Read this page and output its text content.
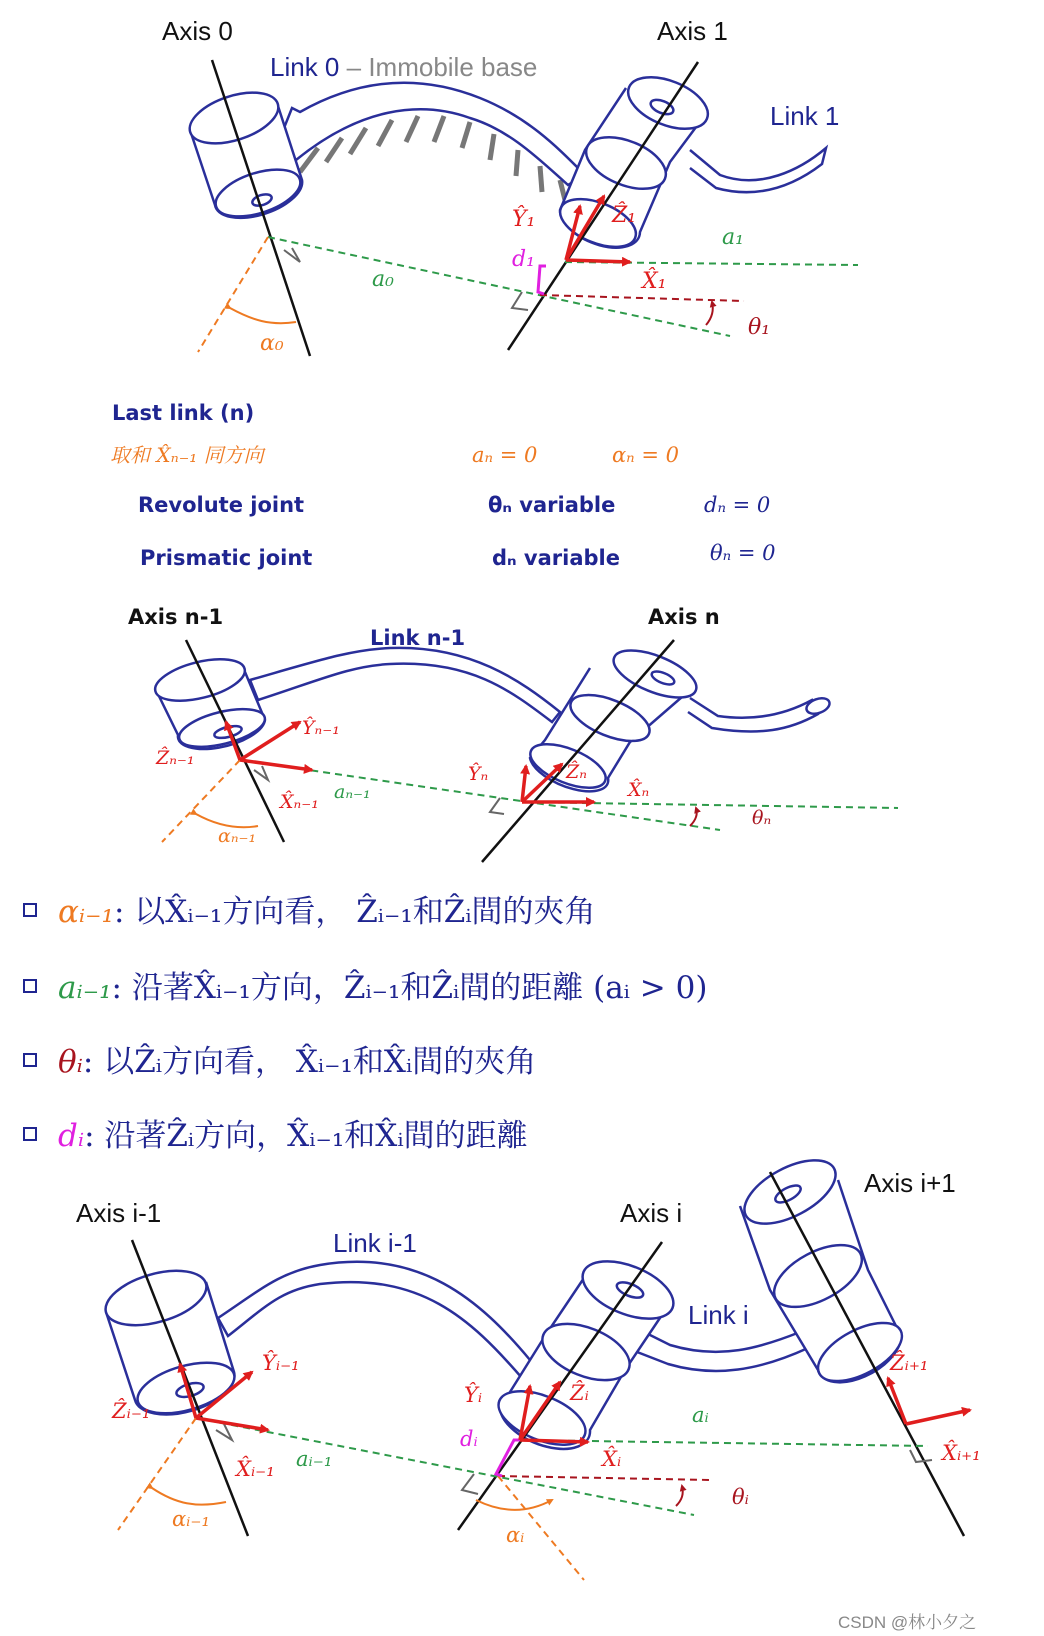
Axis 0	Axis 1
Link 0 – Immobile base
Link 1
Ŷ₁	Ẑ₁
X̂₁
d₁
a₀
a₁
θ₁
α₀
Last link (n)
取和 X̂ₙ₋₁ 同方向	aₙ = 0	αₙ = 0
Revolute joint	θₙ variable	dₙ = 0
Prismatic joint	dₙ variable	θₙ = 0
Axis n-1	Axis n
Link n-1
Ẑₙ₋₁
Ŷₙ₋₁
X̂ₙ₋₁ aₙ₋₁
αₙ₋₁
Ŷₙ	Ẑₙ
X̂ₙ
θₙ
αᵢ₋₁: 以X̂ᵢ₋₁方向看， Ẑᵢ₋₁和Ẑᵢ間的夾角
aᵢ₋₁: 沿著X̂ᵢ₋₁方向，Ẑᵢ₋₁和Ẑᵢ間的距離 (aᵢ > 0)
θᵢ: 以Ẑᵢ方向看， X̂ᵢ₋₁和X̂ᵢ間的夾角
dᵢ: 沿著Ẑᵢ方向，X̂ᵢ₋₁和X̂ᵢ間的距離
Axis i-1	Axis i
Axis i+1
Link i-1
Link i
Ẑᵢ₋₁
Ŷᵢ₋₁
X̂ᵢ₋₁ aᵢ₋₁
αᵢ₋₁
Ŷᵢ	Ẑᵢ
X̂ᵢ
dᵢ
aᵢ
θᵢ
αᵢ
Ẑᵢ₊₁
X̂ᵢ₊₁
CSDN @林小夕之
